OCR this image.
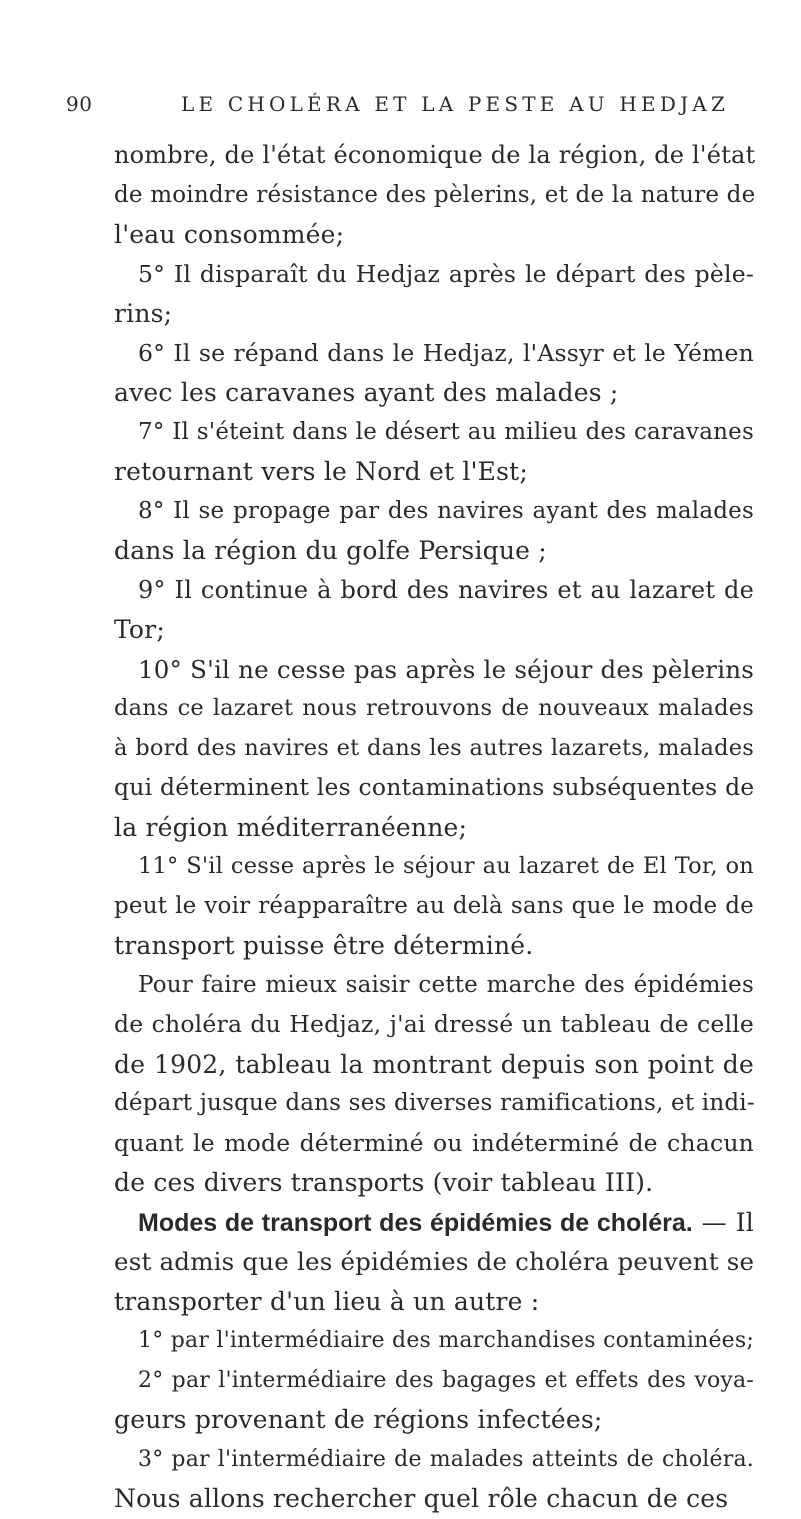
90	LE CHOLÉRA ET LA PESTE AU HEDJAZ
nombre, de l'état économique de la région, de l'état
de moindre résistance des pèlerins, et de la nature de
l'eau consommée;
5° Il disparaît du Hedjaz après le départ des pèle-
rins;
6° Il se répand dans le Hedjaz, l'Assyr et le Yémen
avec les caravanes ayant des malades ;
7° Il s'éteint dans le désert au milieu des caravanes
retournant vers le Nord et l'Est;
8° Il se propage par des navires ayant des malades
dans la région du golfe Persique ;
9° Il continue à bord des navires et au lazaret de
Tor;
10° S'il ne cesse pas après le séjour des pèlerins
dans ce lazaret nous retrouvons de nouveaux malades
à bord des navires et dans les autres lazarets, malades
qui déterminent les contaminations subséquentes de
la région méditerranéenne;
11° S'il cesse après le séjour au lazaret de El Tor, on
peut le voir réapparaître au delà sans que le mode de
transport puisse être déterminé.
Pour faire mieux saisir cette marche des épidémies
de choléra du Hedjaz, j'ai dressé un tableau de celle
de 1902, tableau la montrant depuis son point de
départ jusque dans ses diverses ramifications, et indi-
quant le mode déterminé ou indéterminé de chacun
de ces divers transports (voir tableau III).
Modes de transport des épidémies de choléra. — Il
est admis que les épidémies de choléra peuvent se
transporter d'un lieu à un autre :
1° par l'intermédiaire des marchandises contaminées;
2° par l'intermédiaire des bagages et effets des voya-
geurs provenant de régions infectées;
3° par l'intermédiaire de malades atteints de choléra.
Nous allons rechercher quel rôle chacun de ces
